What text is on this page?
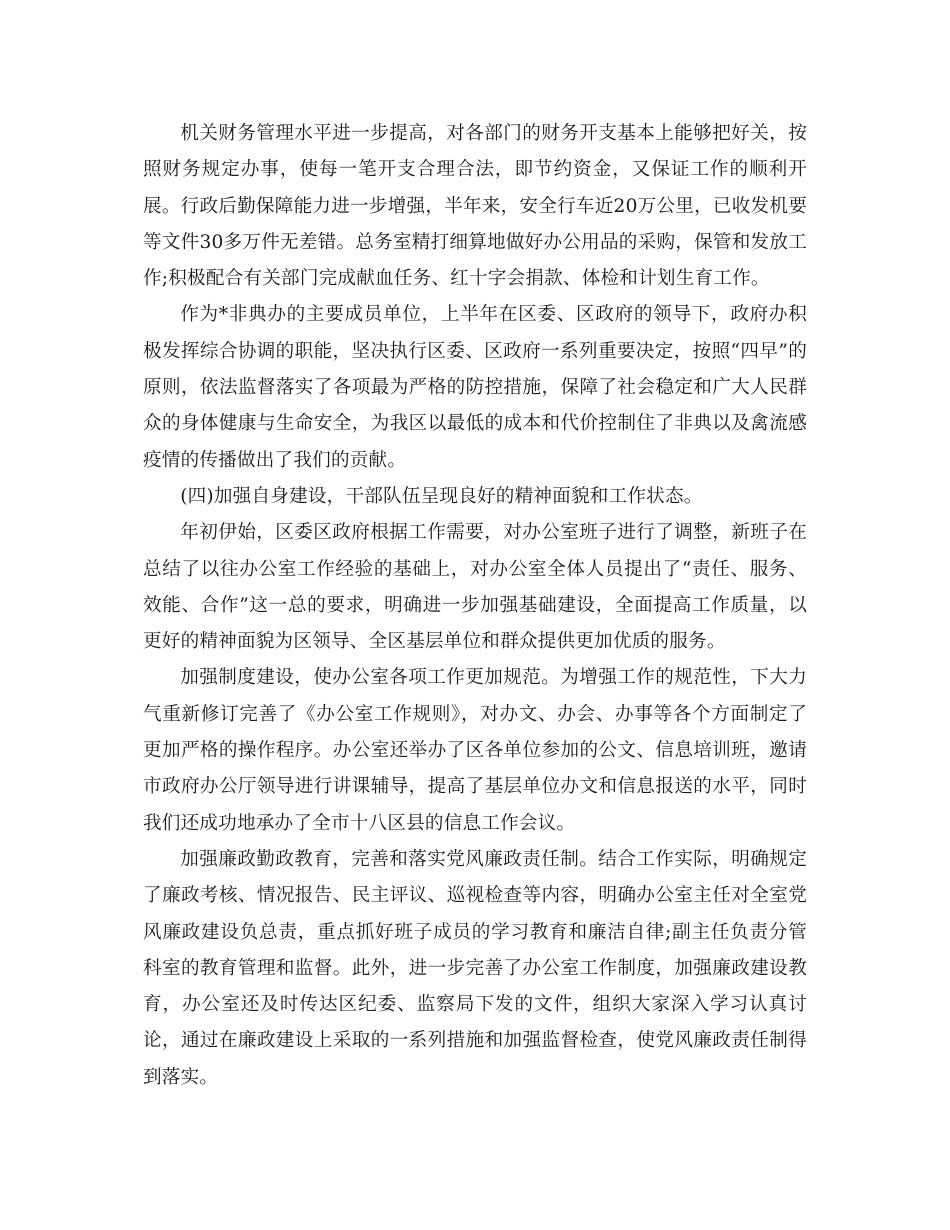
机关财务管理水平进一步提高，对各部门的财务开支基本上能够把好关，按照财务规定办事，使每一笔开支合理合法，即节约资金，又保证工作的顺利开展。行政后勤保障能力进一步增强，半年来，安全行车近20万公里，已收发机要等文件30多万件无差错。总务室精打细算地做好办公用品的采购，保管和发放工作;积极配合有关部门完成献血任务、红十字会捐款、体检和计划生育工作。

作为*非典办的主要成员单位，上半年在区委、区政府的领导下，政府办积极发挥综合协调的职能，坚决执行区委、区政府一系列重要决定，按照“四早”的原则，依法监督落实了各项最为严格的防控措施，保障了社会稳定和广大人民群众的身体健康与生命安全，为我区以最低的成本和代价控制住了非典以及禽流感疫情的传播做出了我们的贡献。

(四)加强自身建设，干部队伍呈现良好的精神面貌和工作状态。

年初伊始，区委区政府根据工作需要，对办公室班子进行了调整，新班子在总结了以往办公室工作经验的基础上，对办公室全体人员提出了“责任、服务、效能、合作”这一总的要求，明确进一步加强基础建设，全面提高工作质量，以更好的精神面貌为区领导、全区基层单位和群众提供更加优质的服务。

加强制度建设，使办公室各项工作更加规范。为增强工作的规范性，下大力气重新修订完善了《办公室工作规则》，对办文、办会、办事等各个方面制定了更加严格的操作程序。办公室还举办了区各单位参加的公文、信息培训班，邀请市政府办公厅领导进行讲课辅导，提高了基层单位办文和信息报送的水平，同时我们还成功地承办了全市十八区县的信息工作会议。

加强廉政勤政教育，完善和落实党风廉政责任制。结合工作实际，明确规定了廉政考核、情况报告、民主评议、巡视检查等内容，明确办公室主任对全室党风廉政建设负总责，重点抓好班子成员的学习教育和廉洁自律;副主任负责分管科室的教育管理和监督。此外，进一步完善了办公室工作制度，加强廉政建设教育，办公室还及时传达区纪委、监察局下发的文件，组织大家深入学习认真讨论，通过在廉政建设上采取的一系列措施和加强监督检查，使党风廉政责任制得到落实。
